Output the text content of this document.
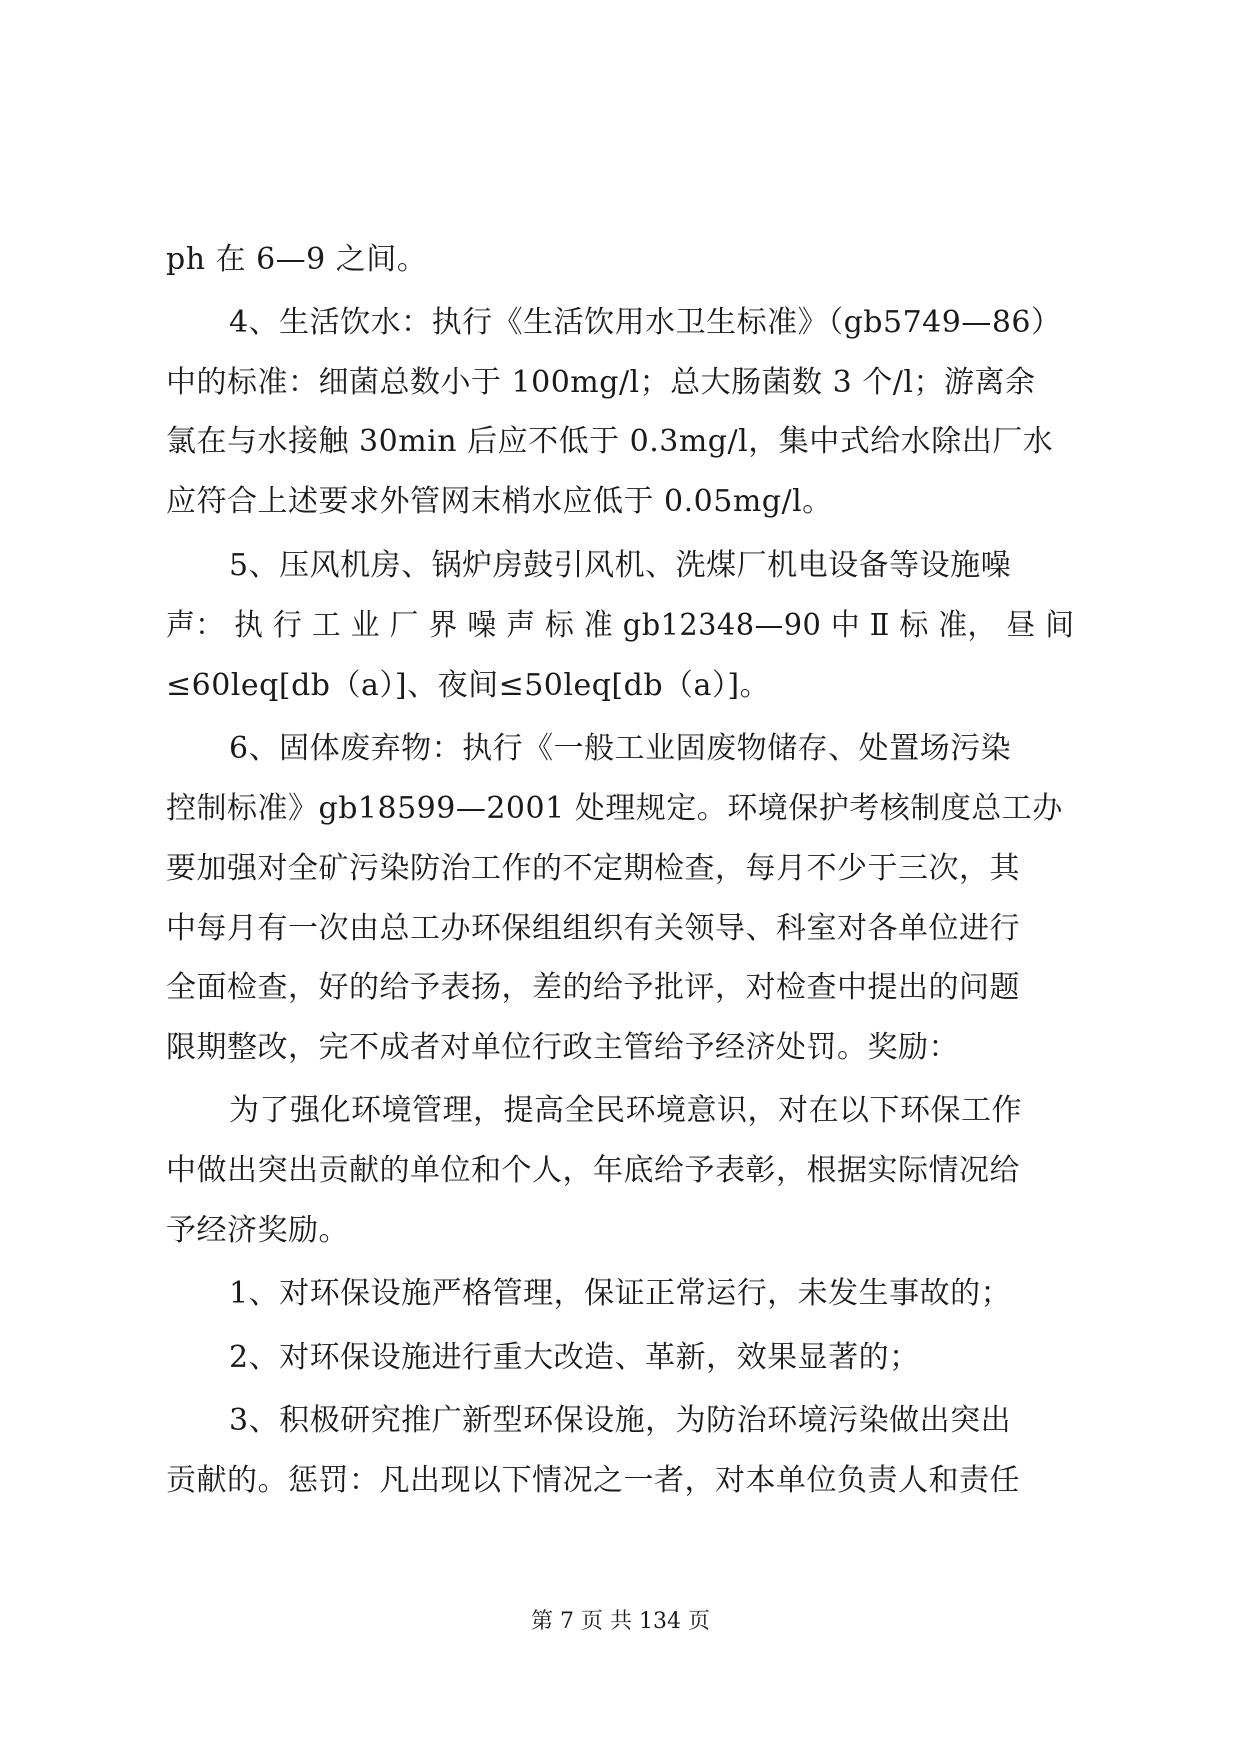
ph 在 6—9 之间。
4、生活饮水：执行《生活饮用水卫生标准》（gb5749—86）
中的标准：细菌总数小于 100mg/l；总大肠菌数 3 个/l；游离余
氯在与水接触 30min 后应不低于 0.3mg/l，集中式给水除出厂水
应符合上述要求外管网末梢水应低于 0.05mg/l。
5、压风机房、锅炉房鼓引风机、洗煤厂机电设备等设施噪
声： 执 行 工 业 厂 界 噪 声 标 准 gb12348—90 中 Ⅱ 标 准， 昼 间
≤60leq[db（a）]、夜间≤50leq[db（a）]。
6、固体废弃物：执行《一般工业固废物储存、处置场污染
控制标准》gb18599—2001 处理规定。环境保护考核制度总工办
要加强对全矿污染防治工作的不定期检查，每月不少于三次，其
中每月有一次由总工办环保组组织有关领导、科室对各单位进行
全面检查，好的给予表扬，差的给予批评，对检查中提出的问题
限期整改，完不成者对单位行政主管给予经济处罚。奖励：
为了强化环境管理，提高全民环境意识，对在以下环保工作
中做出突出贡献的单位和个人，年底给予表彰，根据实际情况给
予经济奖励。
1、对环保设施严格管理，保证正常运行，未发生事故的；
2、对环保设施进行重大改造、革新，效果显著的；
3、积极研究推广新型环保设施，为防治环境污染做出突出
贡献的。惩罚：凡出现以下情况之一者，对本单位负责人和责任
第 7 页 共 134 页
